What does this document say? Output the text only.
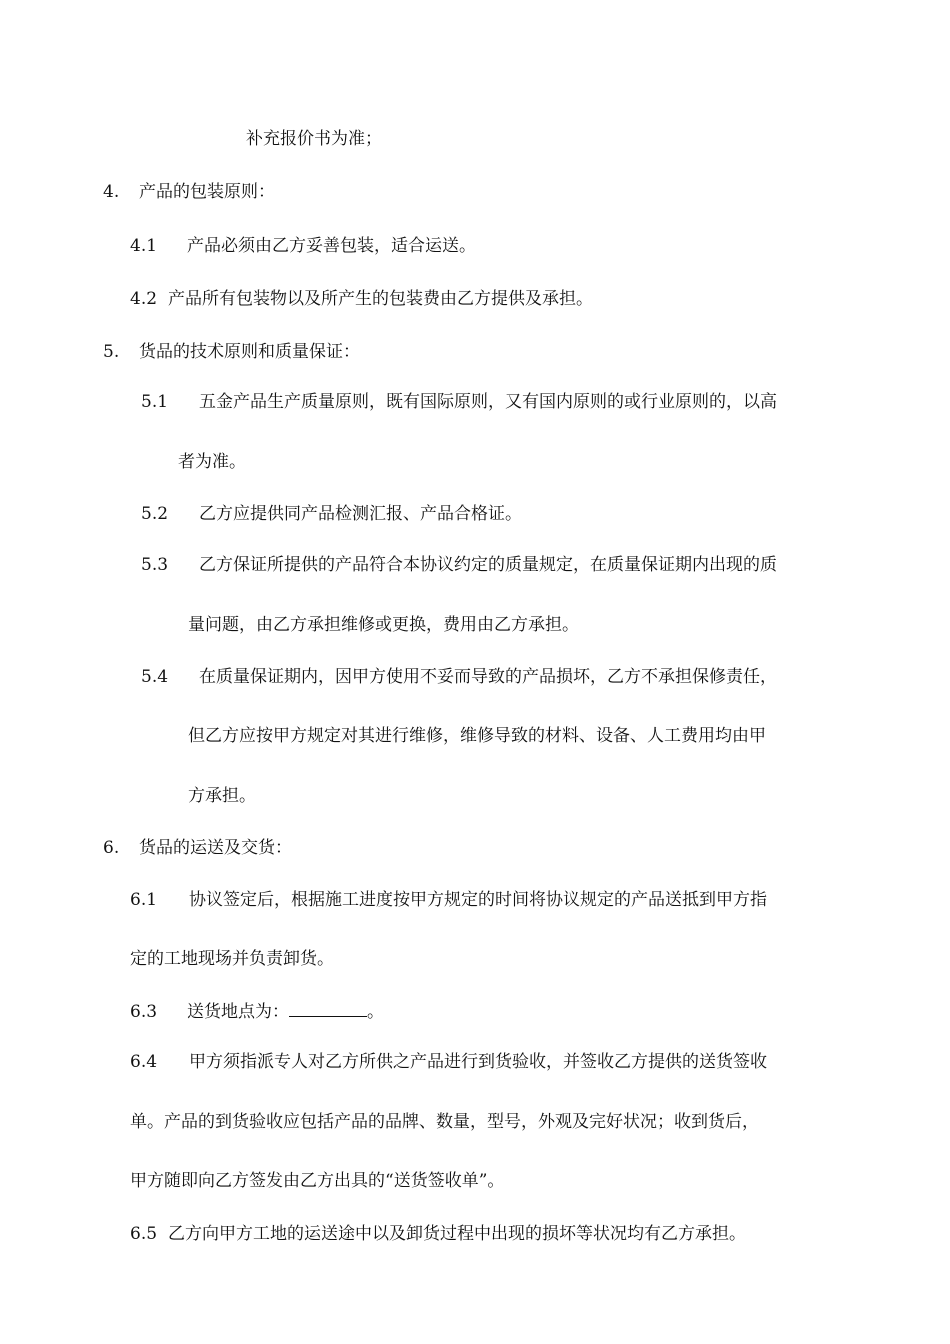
补充报价书为准；
4. 产品的包装原则：
4.1 产品必须由乙方妥善包装，适合运送。
4.2 产品所有包装物以及所产生的包装费由乙方提供及承担。
5. 货品的技术原则和质量保证：
5.1 五金产品生产质量原则，既有国际原则，又有国内原则的或行业原则的，以高
者为准。
5.2 乙方应提供同产品检测汇报、产品合格证。
5.3 乙方保证所提供的产品符合本协议约定的质量规定，在质量保证期内出现的质
量问题，由乙方承担维修或更换，费用由乙方承担。
5.4 在质量保证期内，因甲方使用不妥而导致的产品损坏，乙方不承担保修责任，
但乙方应按甲方规定对其进行维修，维修导致的材料、设备、人工费用均由甲
方承担。
6. 货品的运送及交货：
6.1 协议签定后，根据施工进度按甲方规定的时间将协议规定的产品送抵到甲方指
定的工地现场并负责卸货。
6.3 送货地点为：	。
6.4 甲方须指派专人对乙方所供之产品进行到货验收，并签收乙方提供的送货签收
单。产品的到货验收应包括产品的品牌、数量，型号，外观及完好状况；收到货后，
甲方随即向乙方签发由乙方出具的“送货签收单”。
6.5 乙方向甲方工地的运送途中以及卸货过程中出现的损坏等状况均有乙方承担。
